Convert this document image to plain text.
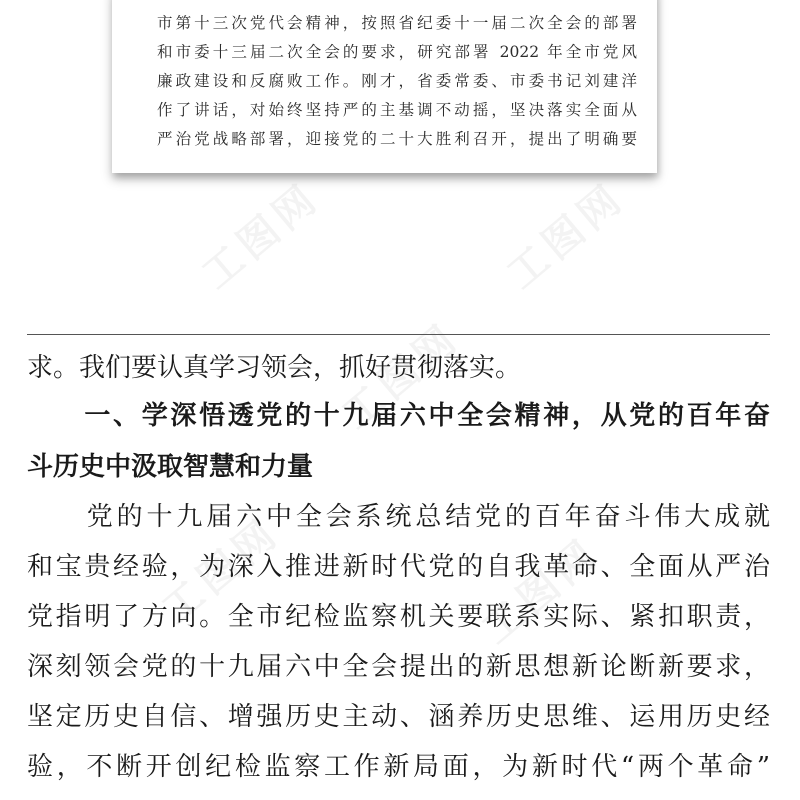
工图网	工图网
工图网
工图网	工图网
市第十三次党代会精神，按照省纪委十一届二次全会的部署
和市委十三届二次全会的要求，研究部署 2022 年全市党风
廉政建设和反腐败工作。刚才，省委常委、市委书记刘建洋
作了讲话，对始终坚持严的主基调不动摇，坚决落实全面从
严治党战略部署，迎接党的二十大胜利召开，提出了明确要
求。我们要认真学习领会，抓好贯彻落实。
　　一、学深悟透党的十九届六中全会精神，从党的百年奋
斗历史中汲取智慧和力量
　　党的十九届六中全会系统总结党的百年奋斗伟大成就
和宝贵经验，为深入推进新时代党的自我革命、全面从严治
党指明了方向。全市纪检监察机关要联系实际、紧扣职责，
深刻领会党的十九届六中全会提出的新思想新论断新要求，
坚定历史自信、增强历史主动、涵养历史思维、运用历史经
验，不断开创纪检监察工作新局面，为新时代“两个革命”
